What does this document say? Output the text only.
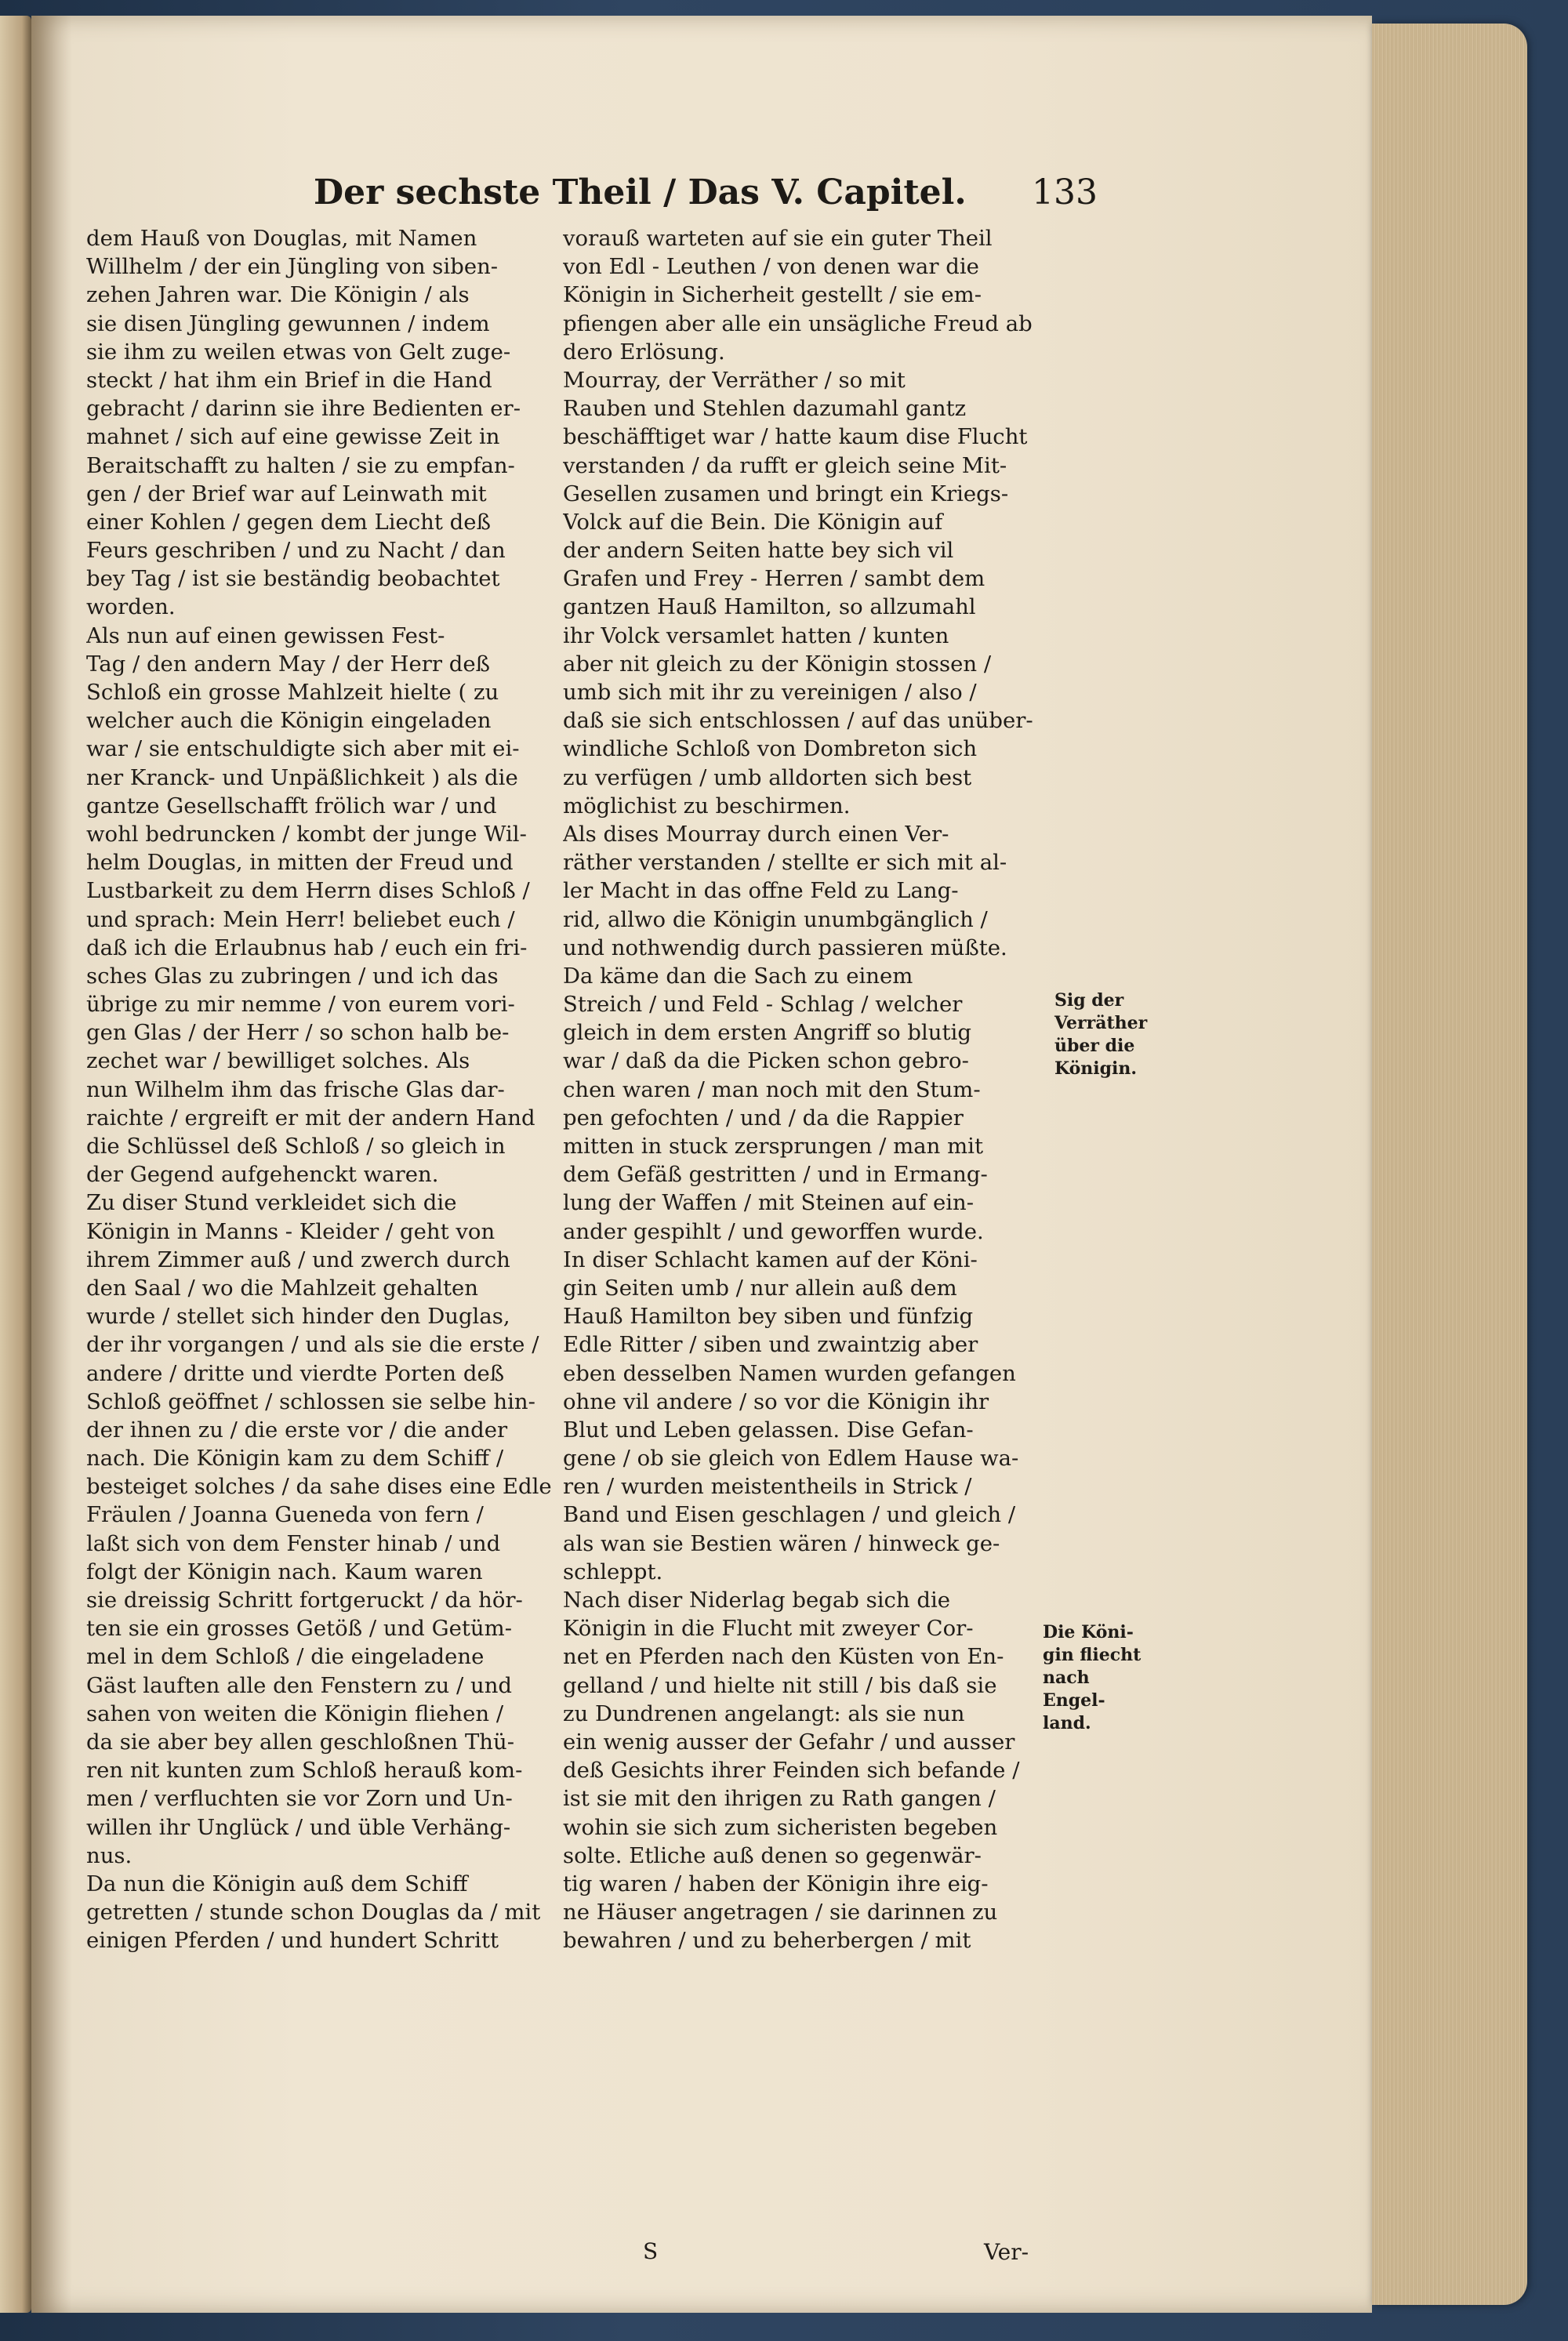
Der sechste Theil / Das V. Capitel. 133
dem Hauß von Douglas, mit Namen
Willhelm / der ein Jüngling von siben-
zehen Jahren war. Die Königin / als
sie disen Jüngling gewunnen / indem
sie ihm zu weilen etwas von Gelt zuge-
steckt / hat ihm ein Brief in die Hand
gebracht / darinn sie ihre Bedienten er-
mahnet / sich auf eine gewisse Zeit in
Beraitschafft zu halten / sie zu empfan-
gen / der Brief war auf Leinwath mit
einer Kohlen / gegen dem Liecht deß
Feurs geschriben / und zu Nacht / dan
bey Tag / ist sie beständig beobachtet
worden.
Als nun auf einen gewissen Fest-
Tag / den andern May / der Herr deß
Schloß ein grosse Mahlzeit hielte ( zu
welcher auch die Königin eingeladen
war / sie entschuldigte sich aber mit ei-
ner Kranck- und Unpäßlichkeit ) als die
gantze Gesellschafft frölich war / und
wohl bedruncken / kombt der junge Wil-
helm Douglas, in mitten der Freud und
Lustbarkeit zu dem Herrn dises Schloß /
und sprach: Mein Herr! beliebet euch /
daß ich die Erlaubnus hab / euch ein fri-
sches Glas zu zubringen / und ich das
übrige zu mir nemme / von eurem vori-
gen Glas / der Herr / so schon halb be-
zechet war / bewilliget solches. Als
nun Wilhelm ihm das frische Glas dar-
raichte / ergreift er mit der andern Hand
die Schlüssel deß Schloß / so gleich in
der Gegend aufgehenckt waren.
Zu diser Stund verkleidet sich die
Königin in Manns - Kleider / geht von
ihrem Zimmer auß / und zwerch durch
den Saal / wo die Mahlzeit gehalten
wurde / stellet sich hinder den Duglas,
der ihr vorgangen / und als sie die erste /
andere / dritte und vierdte Porten deß
Schloß geöffnet / schlossen sie selbe hin-
der ihnen zu / die erste vor / die ander
nach. Die Königin kam zu dem Schiff /
besteiget solches / da sahe dises eine Edle
Fräulen / Joanna Gueneda von fern /
laßt sich von dem Fenster hinab / und
folgt der Königin nach. Kaum waren
sie dreissig Schritt fortgeruckt / da hör-
ten sie ein grosses Getöß / und Getüm-
mel in dem Schloß / die eingeladene
Gäst lauften alle den Fenstern zu / und
sahen von weiten die Königin fliehen /
da sie aber bey allen geschloßnen Thü-
ren nit kunten zum Schloß herauß kom-
men / verfluchten sie vor Zorn und Un-
willen ihr Unglück / und üble Verhäng-
nus.
Da nun die Königin auß dem Schiff
getretten / stunde schon Douglas da / mit
einigen Pferden / und hundert Schritt
vorauß warteten auf sie ein guter Theil
von Edl - Leuthen / von denen war die
Königin in Sicherheit gestellt / sie em-
pfiengen aber alle ein unsägliche Freud ab
dero Erlösung.
Mourray, der Verräther / so mit
Rauben und Stehlen dazumahl gantz
beschäfftiget war / hatte kaum dise Flucht
verstanden / da rufft er gleich seine Mit-
Gesellen zusamen und bringt ein Kriegs-
Volck auf die Bein. Die Königin auf
der andern Seiten hatte bey sich vil
Grafen und Frey - Herren / sambt dem
gantzen Hauß Hamilton, so allzumahl
ihr Volck versamlet hatten / kunten
aber nit gleich zu der Königin stossen /
umb sich mit ihr zu vereinigen / also /
daß sie sich entschlossen / auf das unüber-
windliche Schloß von Dombreton sich
zu verfügen / umb alldorten sich best
möglichist zu beschirmen.
Als dises Mourray durch einen Ver-
räther verstanden / stellte er sich mit al-
ler Macht in das offne Feld zu Lang-
rid, allwo die Königin unumbgänglich /
und nothwendig durch passieren müßte.
Da käme dan die Sach zu einem
Streich / und Feld - Schlag / welcher
gleich in dem ersten Angriff so blutig
war / daß da die Picken schon gebro-
chen waren / man noch mit den Stum-
pen gefochten / und / da die Rappier
mitten in stuck zersprungen / man mit
dem Gefäß gestritten / und in Ermang-
lung der Waffen / mit Steinen auf ein-
ander gespihlt / und geworffen wurde.
In diser Schlacht kamen auf der Köni-
gin Seiten umb / nur allein auß dem
Hauß Hamilton bey siben und fünfzig
Edle Ritter / siben und zwaintzig aber
eben desselben Namen wurden gefangen
ohne vil andere / so vor die Königin ihr
Blut und Leben gelassen. Dise Gefan-
gene / ob sie gleich von Edlem Hause wa-
ren / wurden meistentheils in Strick /
Band und Eisen geschlagen / und gleich /
als wan sie Bestien wären / hinweck ge-
schleppt.
Nach diser Niderlag begab sich die
Königin in die Flucht mit zweyer Cor-
net en Pferden nach den Küsten von En-
gelland / und hielte nit still / bis daß sie
zu Dundrenen angelangt: als sie nun
ein wenig ausser der Gefahr / und ausser
deß Gesichts ihrer Feinden sich befande /
ist sie mit den ihrigen zu Rath gangen /
wohin sie sich zum sicheristen begeben
solte. Etliche auß denen so gegenwär-
tig waren / haben der Königin ihre eig-
ne Häuser angetragen / sie darinnen zu
bewahren / und zu beherbergen / mit
Sig der
Verräther
über die
Königin.
Die Köni-
gin fliecht
nach Engel-
land.
S	Ver-
